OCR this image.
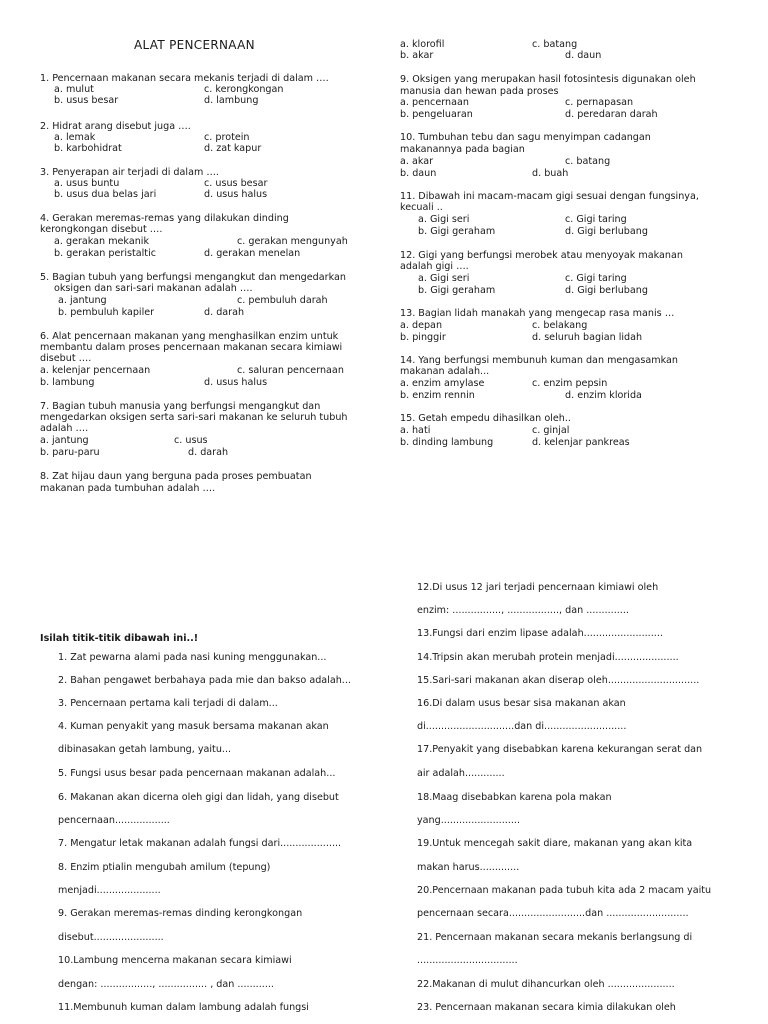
ALAT PENCERNAAN
1. Pencernaan makanan secara mekanis terjadi di dalam ….
a. mulut	c. kerongkongan
b. usus besar	d. lambung
2. Hidrat arang disebut juga ….
a. lemak	c. protein
b. karbohidrat	d. zat kapur
3. Penyerapan air terjadi di dalam ….
a. usus buntu	c. usus besar
b. usus dua belas jari	d. usus halus
4. Gerakan meremas-remas yang dilakukan dinding
kerongkongan disebut ….
a. gerakan mekanik	c. gerakan mengunyah
b. gerakan peristaltic	d. gerakan menelan
5. Bagian tubuh yang berfungsi mengangkut dan mengedarkan
oksigen dan sari-sari makanan adalah ….
a. jantung	c. pembuluh darah
b. pembuluh kapiler	d. darah
6. Alat pencernaan makanan yang menghasilkan enzim untuk
membantu dalam proses pencernaan makanan secara kimiawi
disebut ….
a. kelenjar pencernaan	c. saluran pencernaan
b. lambung	d. usus halus
7. Bagian tubuh manusia yang berfungsi mengangkut dan
mengedarkan oksigen serta sari-sari makanan ke seluruh tubuh
adalah ….
a. jantung	c. usus
b. paru-paru	d. darah
8. Zat hijau daun yang berguna pada proses pembuatan
makanan pada tumbuhan adalah ….
a. klorofil	c. batang
b. akar	d. daun
9. Oksigen yang merupakan hasil fotosintesis digunakan oleh
manusia dan hewan pada proses
a. pencernaan	c. pernapasan
b. pengeluaran	d. peredaran darah
10. Tumbuhan tebu dan sagu menyimpan cadangan
makanannya pada bagian
a. akar	c. batang
b. daun	d. buah
11. Dibawah ini macam-macam gigi sesuai dengan fungsinya,
kecuali ..
a. Gigi seri	c. Gigi taring
b. Gigi geraham	d. Gigi berlubang
12. Gigi yang berfungsi merobek atau menyoyak makanan
adalah gigi ….
a. Gigi seri	c. Gigi taring
b. Gigi geraham	d. Gigi berlubang
13. Bagian lidah manakah yang mengecap rasa manis …
a. depan	c. belakang
b. pinggir	d. seluruh bagian lidah
14. Yang berfungsi membunuh kuman dan mengasamkan
makanan adalah...
a. enzim amylase	c. enzim pepsin
b. enzim rennin	d. enzim klorida
15. Getah empedu dihasilkan oleh..
a. hati	c. ginjal
b. dinding lambung	d. kelenjar pankreas
Isilah titik-titik dibawah ini..!
1. Zat pewarna alami pada nasi kuning menggunakan...
2. Bahan pengawet berbahaya pada mie dan bakso adalah...
3. Pencernaan pertama kali terjadi di dalam...
4. Kuman penyakit yang masuk bersama makanan akan
dibinasakan getah lambung, yaitu...
5. Fungsi usus besar pada pencernaan makanan adalah...
6. Makanan akan dicerna oleh gigi dan lidah, yang disebut
pencernaan..................
7. Mengatur letak makanan adalah fungsi dari....................
8. Enzim ptialin mengubah amilum (tepung)
menjadi.....................
9. Gerakan meremas-remas dinding kerongkongan
disebut.......................
10.Lambung mencerna makanan secara kimiawi
dengan: ................., ................ , dan ............
11.Membunuh kuman dalam lambung adalah fungsi
12.Di usus 12 jari terjadi pencernaan kimiawi oleh
enzim: ................, ................., dan ..............
13.Fungsi dari enzim lipase adalah..........................
14.Tripsin akan merubah protein menjadi.....................
15.Sari-sari makanan akan diserap oleh..............................
16.Di dalam usus besar sisa makanan akan
di.............................dan di...........................
17.Penyakit yang disebabkan karena kekurangan serat dan
air adalah.............
18.Maag disebabkan karena pola makan
yang..........................
19.Untuk mencegah sakit diare, makanan yang akan kita
makan harus.............
20.Pencernaan makanan pada tubuh kita ada 2 macam yaitu
pencernaan secara.........................dan ...........................
21. Pencernaan makanan secara mekanis berlangsung di
.................................
22.Makanan di mulut dihancurkan oleh ......................
23. Pencernaan makanan secara kimia dilakukan oleh
